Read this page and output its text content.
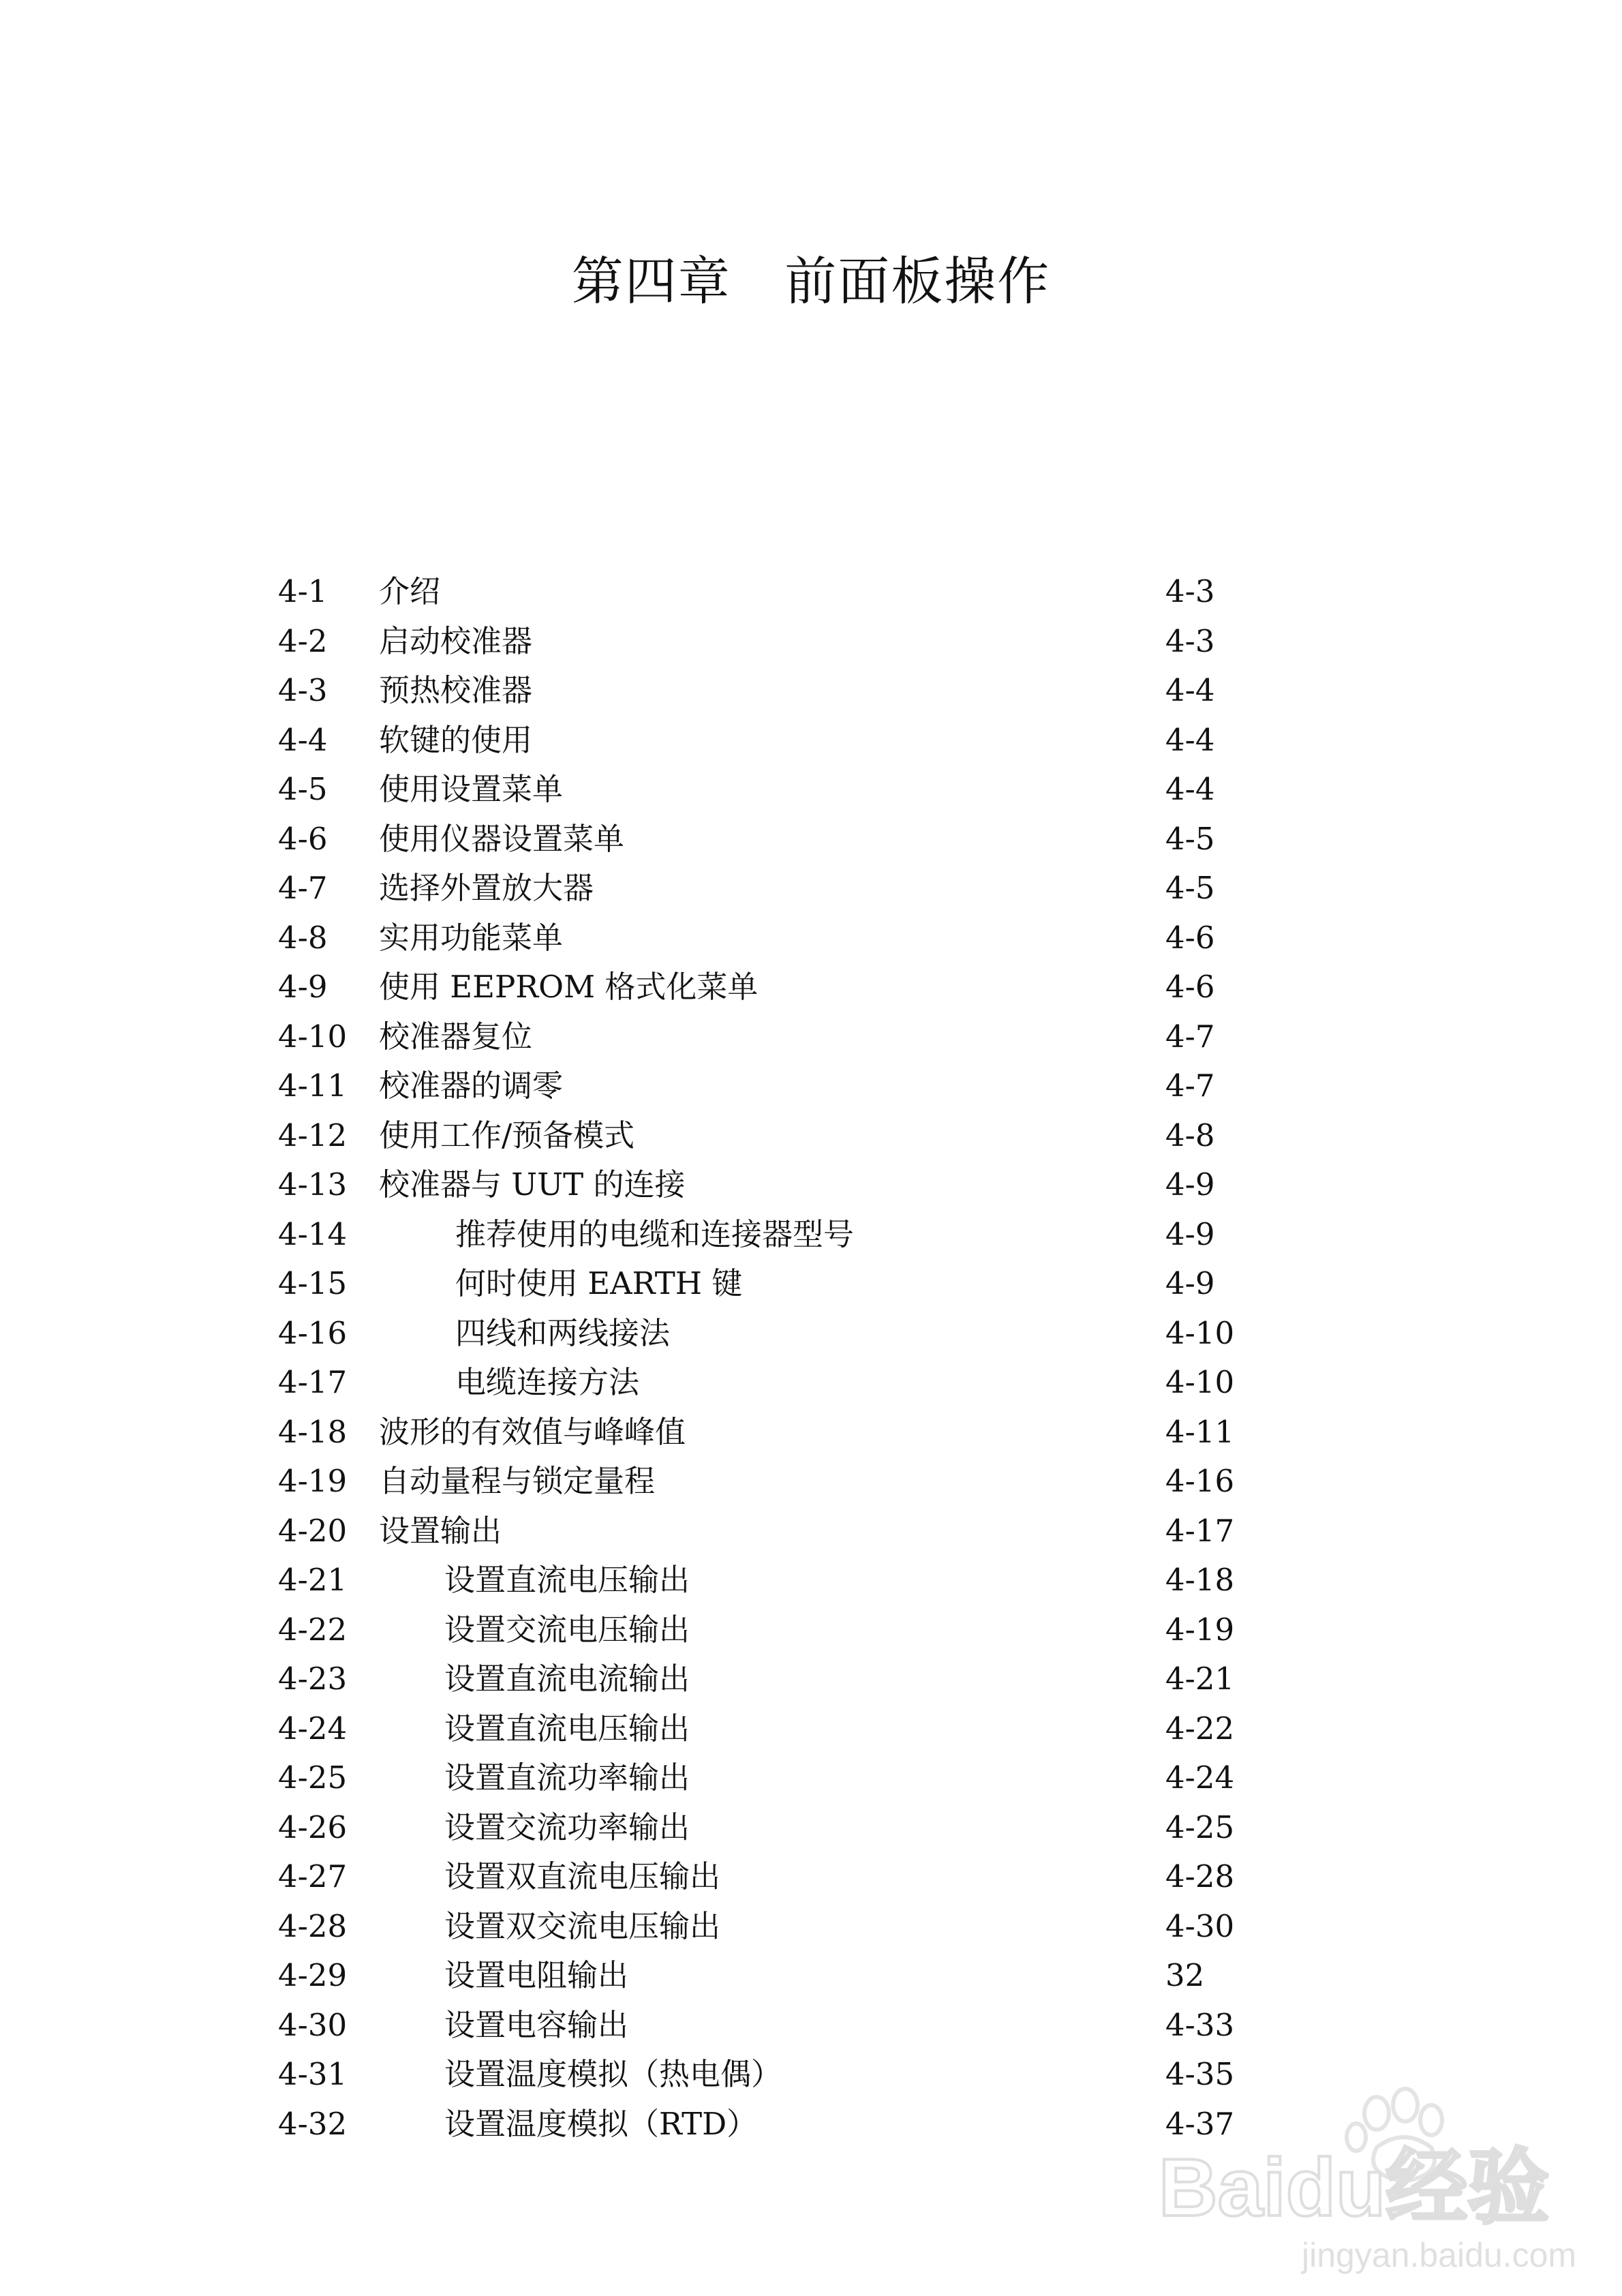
第四章   前面板操作
4-1 介绍	4-3
4-2 启动校准器	4-3
4-3 预热校准器	4-4
4-4 软键的使用	4-4
4-5 使用设置菜单	4-4
4-6 使用仪器设置菜单	4-5
4-7 选择外置放大器	4-5
4-8 实用功能菜单	4-6
4-9 使用 EEPROM 格式化菜单	4-6
4-10 校准器复位	4-7
4-11 校准器的调零	4-7
4-12 使用工作/预备模式	4-8
4-13 校准器与 UUT 的连接	4-9
4-14	推荐使用的电缆和连接器型号	4-9
4-15	何时使用 EARTH 键	4-9
4-16	四线和两线接法	4-10
4-17	电缆连接方法	4-10
4-18 波形的有效值与峰峰值	4-11
4-19 自动量程与锁定量程	4-16
4-20 设置输出	4-17
4-21	设置直流电压输出	4-18
4-22	设置交流电压输出	4-19
4-23	设置直流电流输出	4-21
4-24	设置直流电压输出	4-22
4-25	设置直流功率输出	4-24
4-26	设置交流功率输出	4-25
4-27	设置双直流电压输出	4-28
4-28	设置双交流电压输出	4-30
4-29	设置电阻输出	32
4-30	设置电容输出	4-33
4-31	设置温度模拟（热电偶）	4-35
4-32	设置温度模拟（RTD）	4-37
Baidu经验
jingyan.baidu.com
